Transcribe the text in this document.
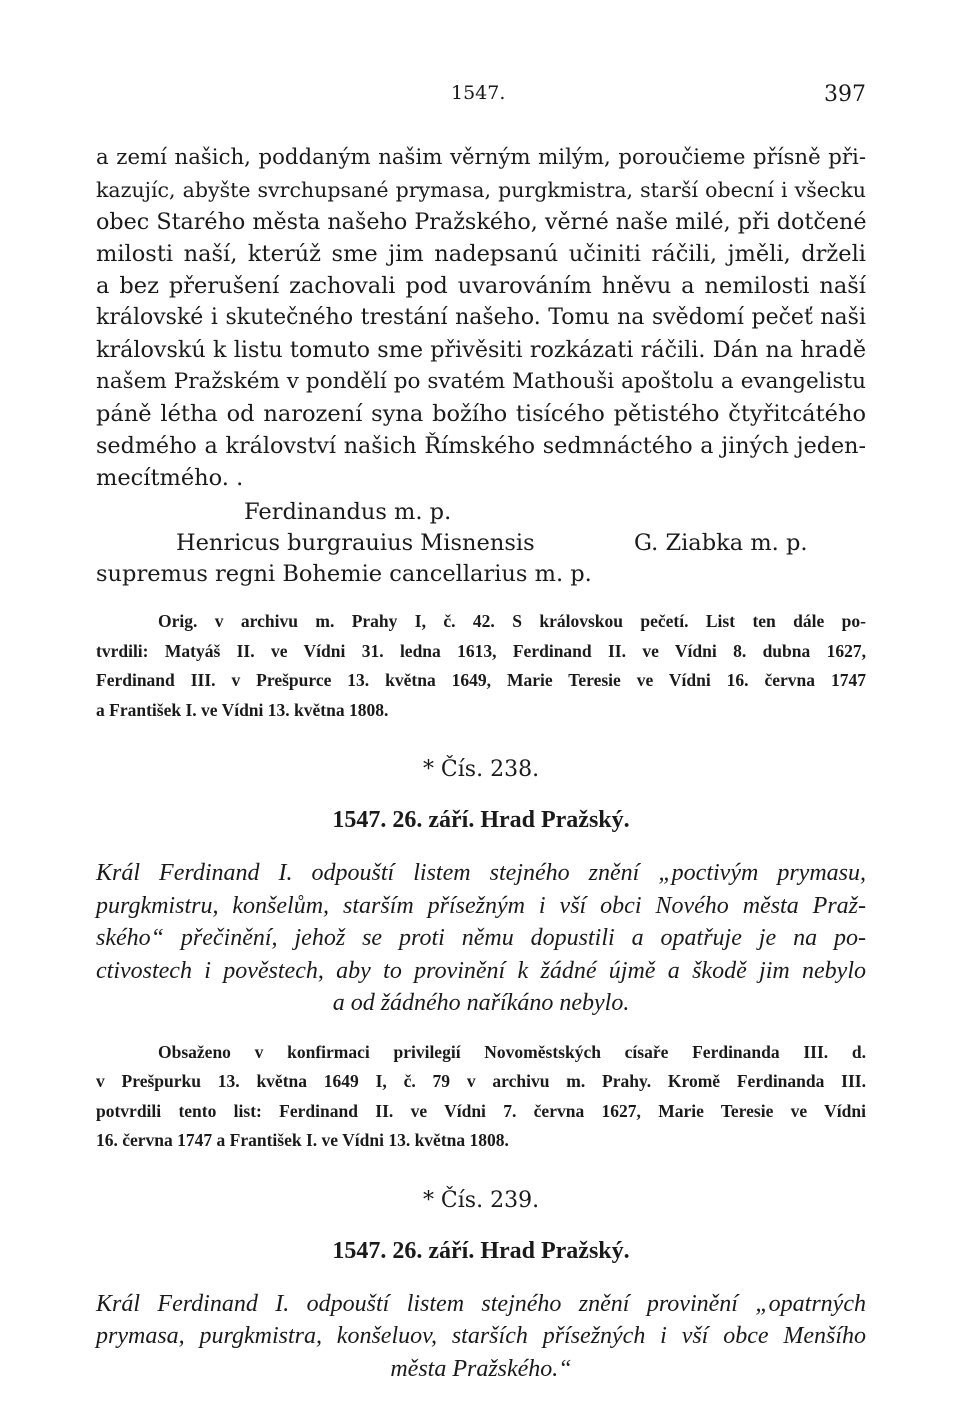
1547.	397
a zemí našich, poddaným našim věrným milým, poroučieme přísně při-
kazujíc, abyšte svrchupsané prymasa, purgkmistra, starší obecní i všecku
obec Starého města našeho Pražského, věrné naše milé, při dotčené
milosti naší, kterúž sme jim nadepsanú učiniti ráčili, jměli, drželi
a bez přerušení zachovali pod uvarováním hněvu a nemilosti naší
královské i skutečného trestání našeho. Tomu na svědomí pečeť naši
královskú k listu tomuto sme přivěsiti rozkázati ráčili. Dán na hradě
našem Pražském v pondělí po svatém Mathouši apoštolu a evangelistu
páně létha od narození syna božího tisícého pětistého čtyřitcátého
sedmého a království našich Římského sedmnáctého a jiných jeden-
mecítmého. .
Ferdinandus m. p.
Henricus burgrauius Misnensis	G. Ziabka m. p.
supremus regni Bohemie cancellarius m. p.
Orig. v archivu m. Prahy I, č. 42. S královskou pečetí. List ten dále po-
tvrdili: Matyáš II. ve Vídni 31. ledna 1613, Ferdinand II. ve Vídni 8. dubna 1627,
Ferdinand III. v Prešpurce 13. května 1649, Marie Teresie ve Vídni 16. června 1747
a František I. ve Vídni 13. května 1808.
* Čís. 238.
1547. 26. září. Hrad Pražský.
Král Ferdinand I. odpouští listem stejného znění „poctivým prymasu,
purgkmistru, konšelům, starším přísežným i vší obci Nového města Praž-
ského“ přečinění, jehož se proti němu dopustili a opatřuje je na po-
ctivostech i pověstech, aby to provinění k žádné újmě a škodě jim nebylo
a od žádného naříkáno nebylo.
Obsaženo v konfirmaci privilegií Novoměstských císaře Ferdinanda III. d.
v Prešpurku 13. května 1649 I, č. 79 v archivu m. Prahy. Kromě Ferdinanda III.
potvrdili tento list: Ferdinand II. ve Vídni 7. června 1627, Marie Teresie ve Vídni
16. června 1747 a František I. ve Vídni 13. května 1808.
* Čís. 239.
1547. 26. září. Hrad Pražský.
Král Ferdinand I. odpouští listem stejného znění provinění „opatrných
prymasa, purgkmistra, konšeluov, starších přísežných i vší obce Menšího
města Pražského.“
